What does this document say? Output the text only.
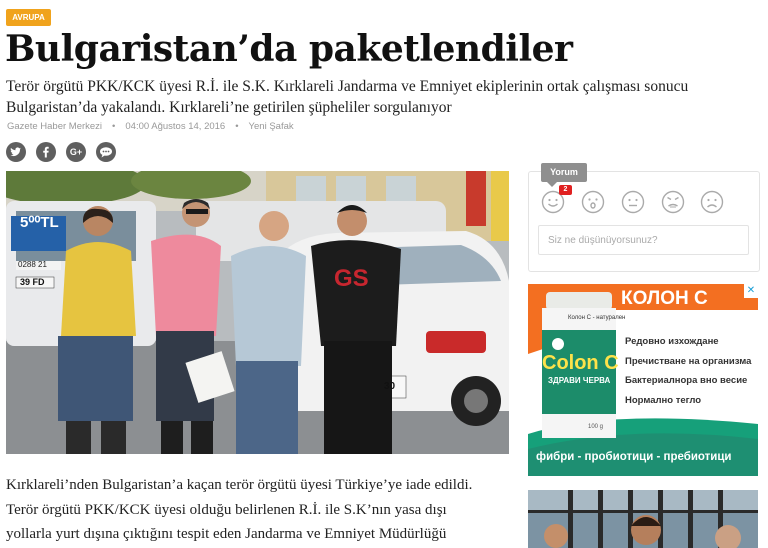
AVRUPA
Bulgaristan’da paketlendiler
Terör örgütü PKK/KCK üyesi R.İ. ile S.K. Kırklareli Jandarma ve Emniyet ekiplerinin ortak çalışması sonucu Bulgaristan’da yakalandı. Kırklareli’ne getirilen şüpheliler sorgulanıyor
Gazete Haber Merkezi • 04:00 Ağustos 14, 2016 • Yeni Şafak
G+
GS
5⁰⁰TL
0288 21
39 FD
30
Kırklareli’nden Bulgaristan’a kaçan terör örgütü üyesi Türkiye’ye iade edildi.
Terör örgütü PKK/KCK üyesi olduğu belirlenen R.İ. ile S.K’nın yasa dışı
yollarla yurt dışına çıktığını tespit eden Jandarma ve Emniyet Müdürlüğü
Yorum
2
Siz ne düşünüyorsunuz?
КОЛОН С	✕
Колон С - натурален
Colon C
ЗДРАВИ ЧЕРВА
100 g
Редовно изхождане
Пречистване на организма
Бактериалнора вно весие
Нормално тегло
фибри - пробиотици - пребиотици
